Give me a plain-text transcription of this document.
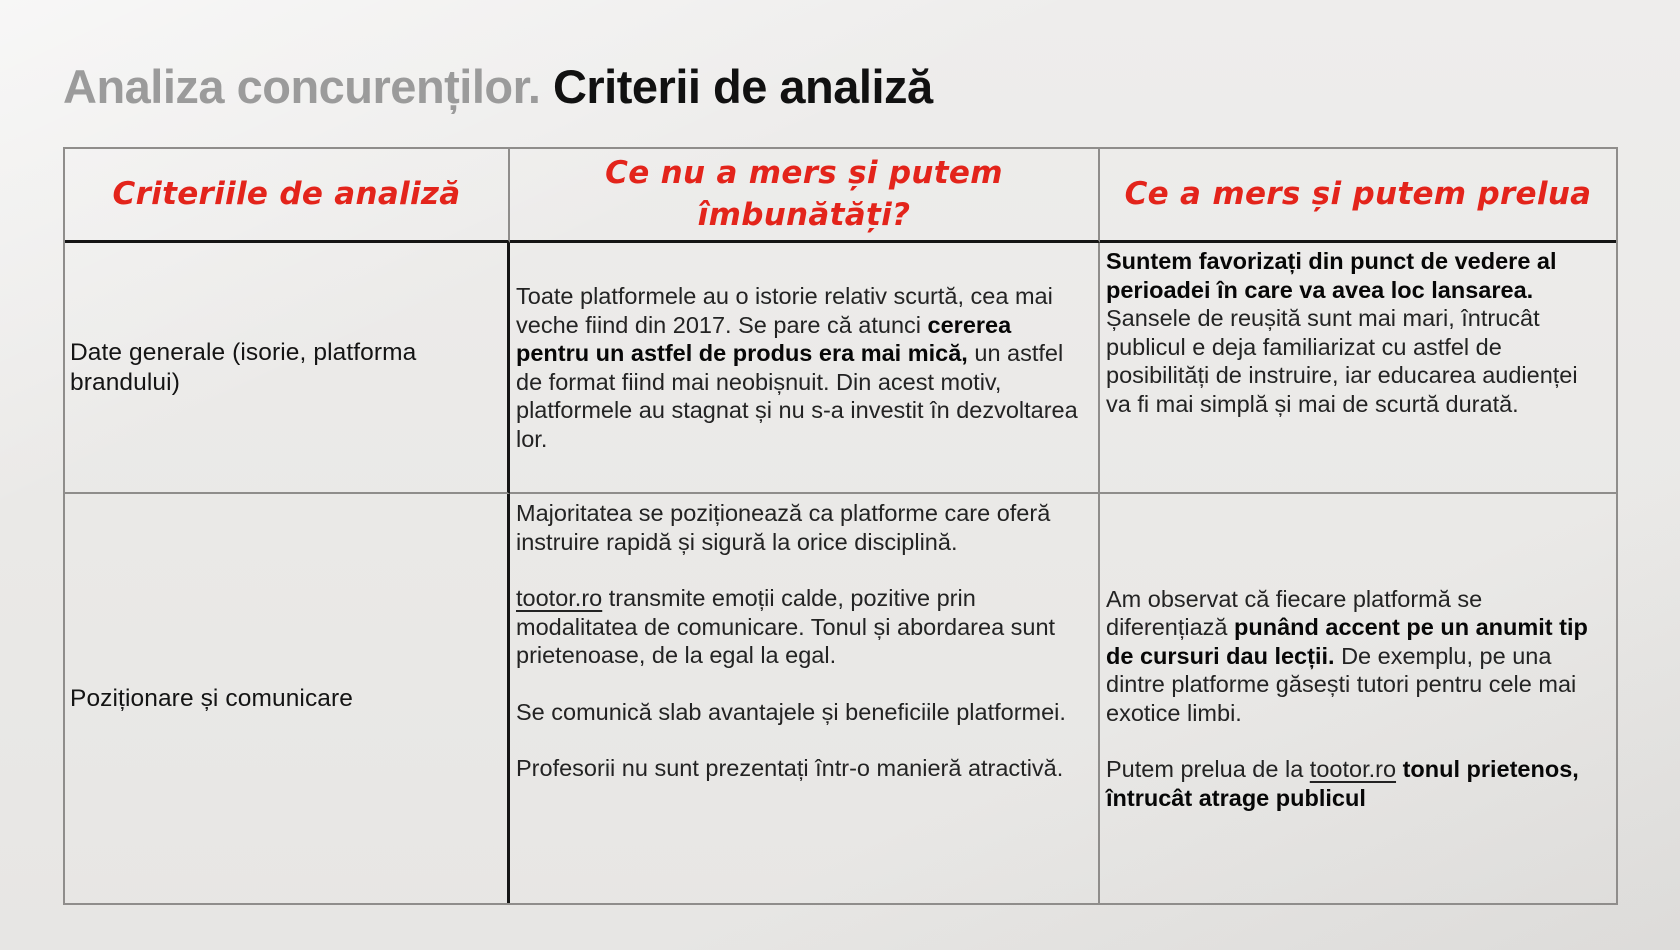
Analiza concurenților. Criterii de analiză
Criteriile de analiză
Ce nu a mers și putem îmbunătăți?
Ce a mers și putem prelua
Date generale (isorie, platforma brandului)

Toate platformele au o istorie relativ scurtă, cea mai veche fiind din 2017. Se pare că atunci cererea pentru un astfel de produs era mai mică, un astfel de format fiind mai neobișnuit. Din acest motiv, platformele au stagnat și nu s-a investit în dezvoltarea lor.

Suntem favorizați din punct de vedere al perioadei în care va avea loc lansarea. Șansele de reușită sunt mai mari, întrucât publicul e deja familiarizat cu astfel de posibilități de instruire, iar educarea audienței va fi mai simplă și mai de scurtă durată.

Poziționare și comunicare

Majoritatea se poziționează ca platforme care oferă instruire rapidă și sigură la orice disciplină.

tootor.ro transmite emoții calde, pozitive prin modalitatea de comunicare. Tonul și abordarea sunt prietenoase, de la egal la egal.

Se comunică slab avantajele și beneficiile platformei.

Profesorii nu sunt prezentați într-o manieră atractivă.

Am observat că fiecare platformă se diferențiază punând accent pe un anumit tip de cursuri dau lecții. De exemplu, pe una dintre platforme găsești tutori pentru cele mai exotice limbi.

Putem prelua de la tootor.ro tonul prietenos, întrucât atrage publicul
